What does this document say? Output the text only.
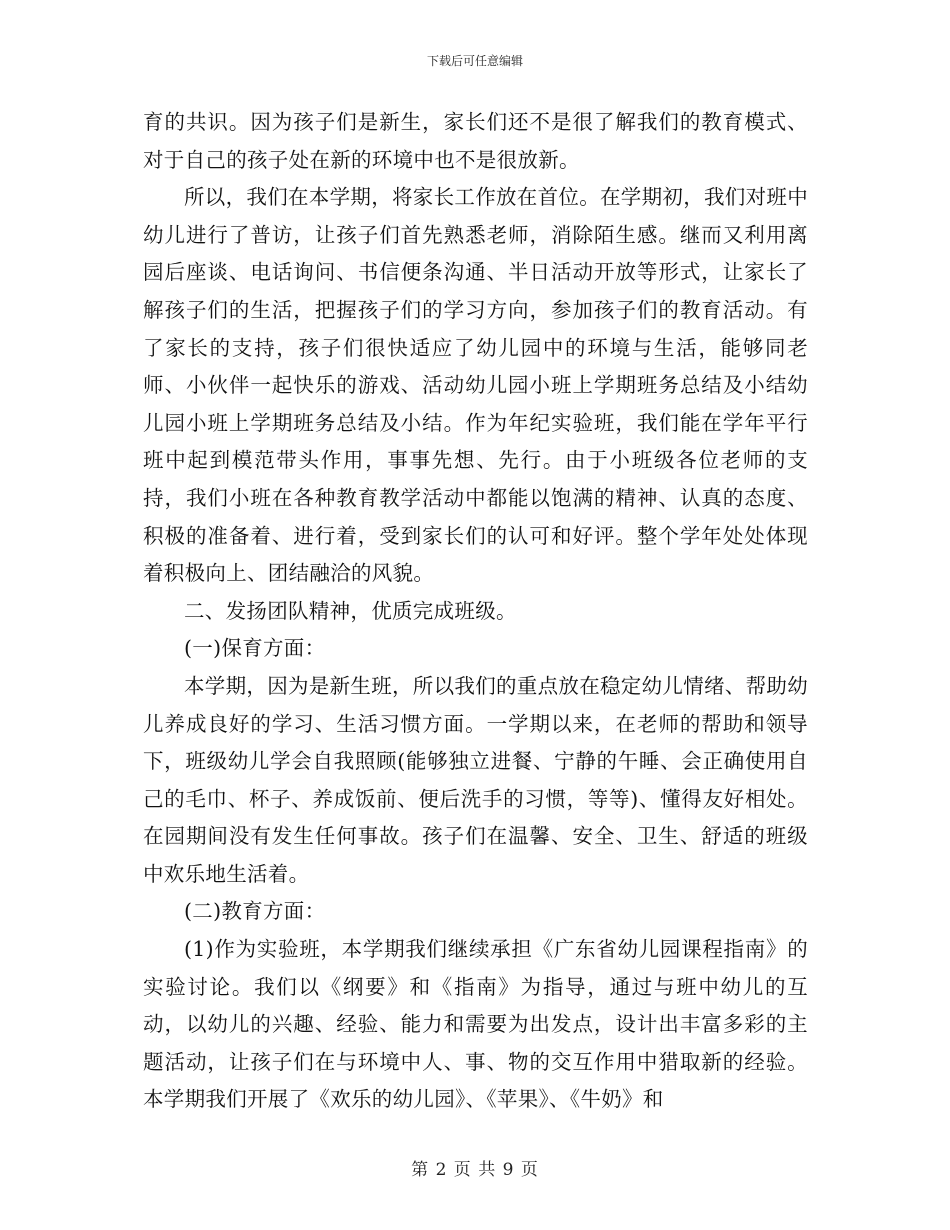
下载后可任意编辑

育的共识。因为孩子们是新生，家长们还不是很了解我们的教育模式、对于自己的孩子处在新的环境中也不是很放新。

所以，我们在本学期，将家长工作放在首位。在学期初，我们对班中幼儿进行了普访，让孩子们首先熟悉老师，消除陌生感。继而又利用离园后座谈、电话询问、书信便条沟通、半日活动开放等形式，让家长了解孩子们的生活，把握孩子们的学习方向，参加孩子们的教育活动。有了家长的支持，孩子们很快适应了幼儿园中的环境与生活，能够同老师、小伙伴一起快乐的游戏、活动幼儿园小班上学期班务总结及小结幼儿园小班上学期班务总结及小结。作为年纪实验班，我们能在学年平行班中起到模范带头作用，事事先想、先行。由于小班级各位老师的支持，我们小班在各种教育教学活动中都能以饱满的精神、认真的态度、积极的准备着、进行着，受到家长们的认可和好评。整个学年处处体现着积极向上、团结融洽的风貌。

二、发扬团队精神，优质完成班级。

(一)保育方面：

本学期，因为是新生班，所以我们的重点放在稳定幼儿情绪、帮助幼儿养成良好的学习、生活习惯方面。一学期以来，在老师的帮助和领导下，班级幼儿学会自我照顾(能够独立进餐、宁静的午睡、会正确使用自己的毛巾、杯子、养成饭前、便后洗手的习惯，等等)、懂得友好相处。在园期间没有发生任何事故。孩子们在温馨、安全、卫生、舒适的班级中欢乐地生活着。

(二)教育方面：

(1)作为实验班，本学期我们继续承担《广东省幼儿园课程指南》的实验讨论。我们以《纲要》和《指南》为指导，通过与班中幼儿的互动，以幼儿的兴趣、经验、能力和需要为出发点，设计出丰富多彩的主题活动，让孩子们在与环境中人、事、物的交互作用中猎取新的经验。本学期我们开展了《欢乐的幼儿园》、《苹果》、《牛奶》和

第 2 页 共 9 页
